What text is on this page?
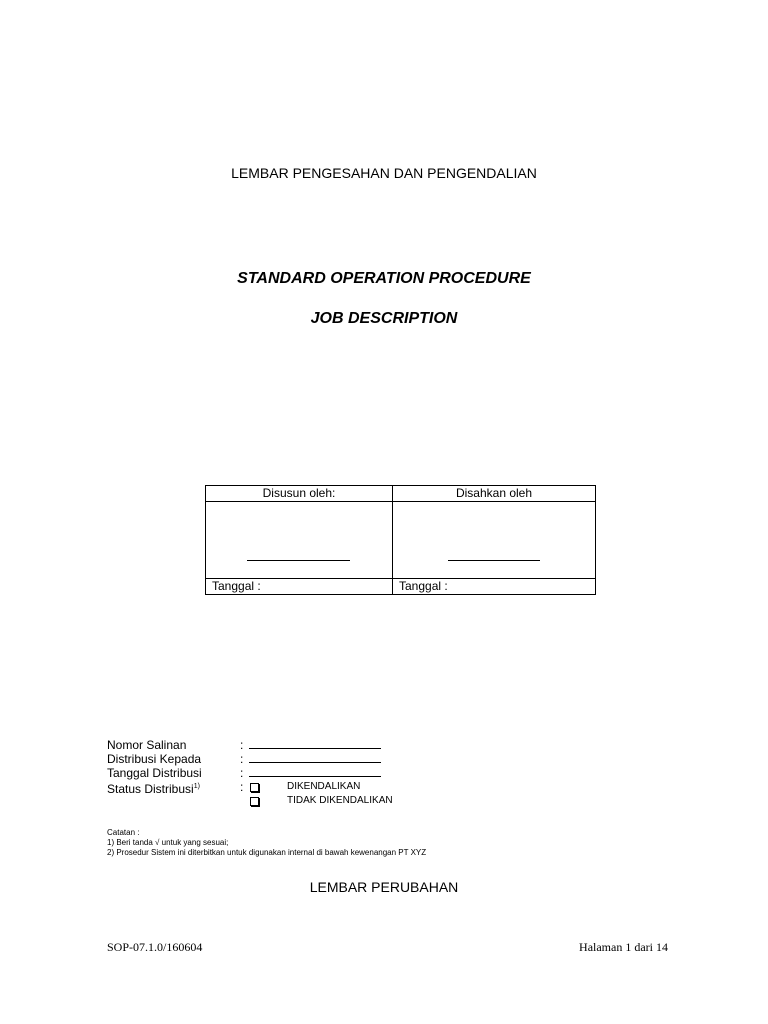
LEMBAR PENGESAHAN DAN PENGENDALIAN
STANDARD OPERATION PROCEDURE
JOB DESCRIPTION
Disusun oleh:	Disahkan oleh

Tanggal :	Tanggal :
Nomor Salinan	:
Distribusi Kepada	:
Tanggal Distribusi	:
Status Distribusi$^{1)}$	:	DIKENDALIKAN
TIDAK DIKENDALIKAN
Catatan :
1) Beri tanda √ untuk yang sesuai;
2) Prosedur Sistem ini diterbitkan untuk digunakan internal di bawah kewenangan PT XYZ
LEMBAR PERUBAHAN
SOP-07.1.0/160604	Halaman 1 dari 14
